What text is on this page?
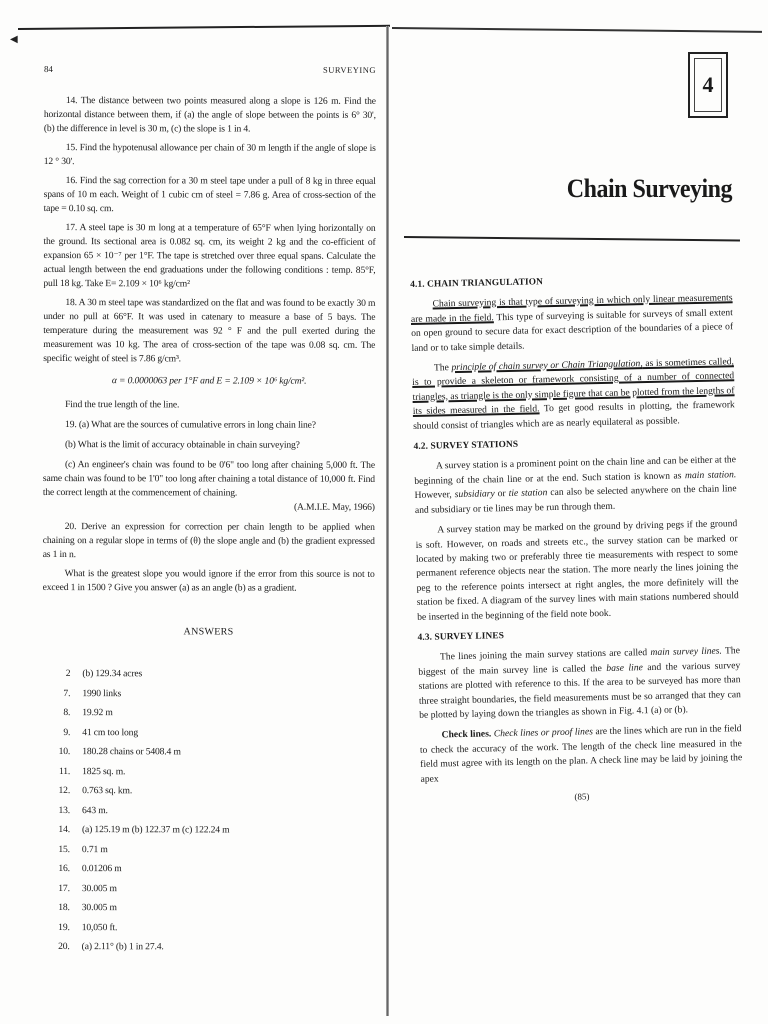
◀
84	SURVEYING

14. The distance between two points measured along a slope is 126 m. Find the horizontal distance between them, if (a) the angle of slope between the points is 6° 30', (b) the difference in level is 30 m, (c) the slope is 1 in 4.

15. Find the hypotenusal allowance per chain of 30 m length if the angle of slope is 12 ° 30'.

16. Find the sag correction for a 30 m steel tape under a pull of 8 kg in three equal spans of 10 m each. Weight of 1 cubic cm of steel = 7.86 g. Area of cross-section of the tape = 0.10 sq. cm.

17. A steel tape is 30 m long at a temperature of 65°F when lying horizontally on the ground. Its sectional area is 0.082 sq. cm, its weight 2 kg and the co-efficient of expansion 65 × 10⁻⁷ per 1°F. The tape is stretched over three equal spans. Calculate the actual length between the end graduations under the following conditions : temp. 85°F, pull 18 kg. Take E= 2.109 × 10⁶ kg/cm²

18. A 30 m steel tape was standardized on the flat and was found to be exactly 30 m under no pull at 66°F. It was used in catenary to measure a base of 5 bays. The temperature during the measurement was 92 ° F and the pull exerted during the measurement was 10 kg. The area of cross-section of the tape was 0.08 sq. cm. The specific weight of steel is 7.86 g/cm³.

α = 0.0000063 per 1°F and E = 2.109 × 10⁶ kg/cm².

Find the true length of the line.

19. (a) What are the sources of cumulative errors in long chain line?

(b) What is the limit of accuracy obtainable in chain surveying?

(c) An engineer's chain was found to be 0'6" too long after chaining 5,000 ft. The same chain was found to be 1'0" too long after chaining a total distance of 10,000 ft. Find the correct length at the commencement of chaining.

(A.M.I.E. May, 1966)

20. Derive an expression for correction per chain length to be applied when chaining on a regular slope in terms of (θ) the slope angle and (b) the gradient expressed as 1 in n.

What is the greatest slope you would ignore if the error from this source is not to exceed 1 in 1500 ? Give you answer (a) as an angle (b) as a gradient.

ANSWERS
2	(b) 129.34 acres
7.	1990 links
8.	19.92 m
9.	41 cm too long
10.	180.28 chains or 5408.4 m
11.	1825 sq. m.
12.	0.763 sq. km.
13.	643 m.
14.	(a) 125.19 m (b) 122.37 m (c) 122.24 m
15.	0.71 m
16.	0.01206 m
17.	30.005 m
18.	30.005 m
19.	10,050 ft.
20.	(a) 2.11° (b) 1 in 27.4.
4
Chain Surveying
4.1. CHAIN TRIANGULATION

Chain surveying is that type of surveying in which only linear measurements are made in the field. This type of surveying is suitable for surveys of small extent on open ground to secure data for exact description of the boundaries of a piece of land or to take simple details.

The principle of chain survey or Chain Triangulation, as is sometimes called, is to provide a skeleton or framework consisting of a number of connected triangles, as triangle is the only simple figure that can be plotted from the lengths of its sides measured in the field. To get good results in plotting, the framework should consist of triangles which are as nearly equilateral as possible.

4.2. SURVEY STATIONS

A survey station is a prominent point on the chain line and can be either at the beginning of the chain line or at the end. Such station is known as main station. However, subsidiary or tie station can also be selected anywhere on the chain line and subsidiary or tie lines may be run through them.

A survey station may be marked on the ground by driving pegs if the ground is soft. However, on roads and streets etc., the survey station can be marked or located by making two or preferably three tie measurements with respect to some permanent reference objects near the station. The more nearly the lines joining the peg to the reference points intersect at right angles, the more definitely will the station be fixed. A diagram of the survey lines with main stations numbered should be inserted in the beginning of the field note book.

4.3. SURVEY LINES

The lines joining the main survey stations are called main survey lines. The biggest of the main survey line is called the base line and the various survey stations are plotted with reference to this. If the area to be surveyed has more than three straight boundaries, the field measurements must be so arranged that they can be plotted by laying down the triangles as shown in Fig. 4.1 (a) or (b).

Check lines. Check lines or proof lines are the lines which are run in the field to check the accuracy of the work. The length of the check line measured in the field must agree with its length on the plan. A check line may be laid by joining the apex

(85)
